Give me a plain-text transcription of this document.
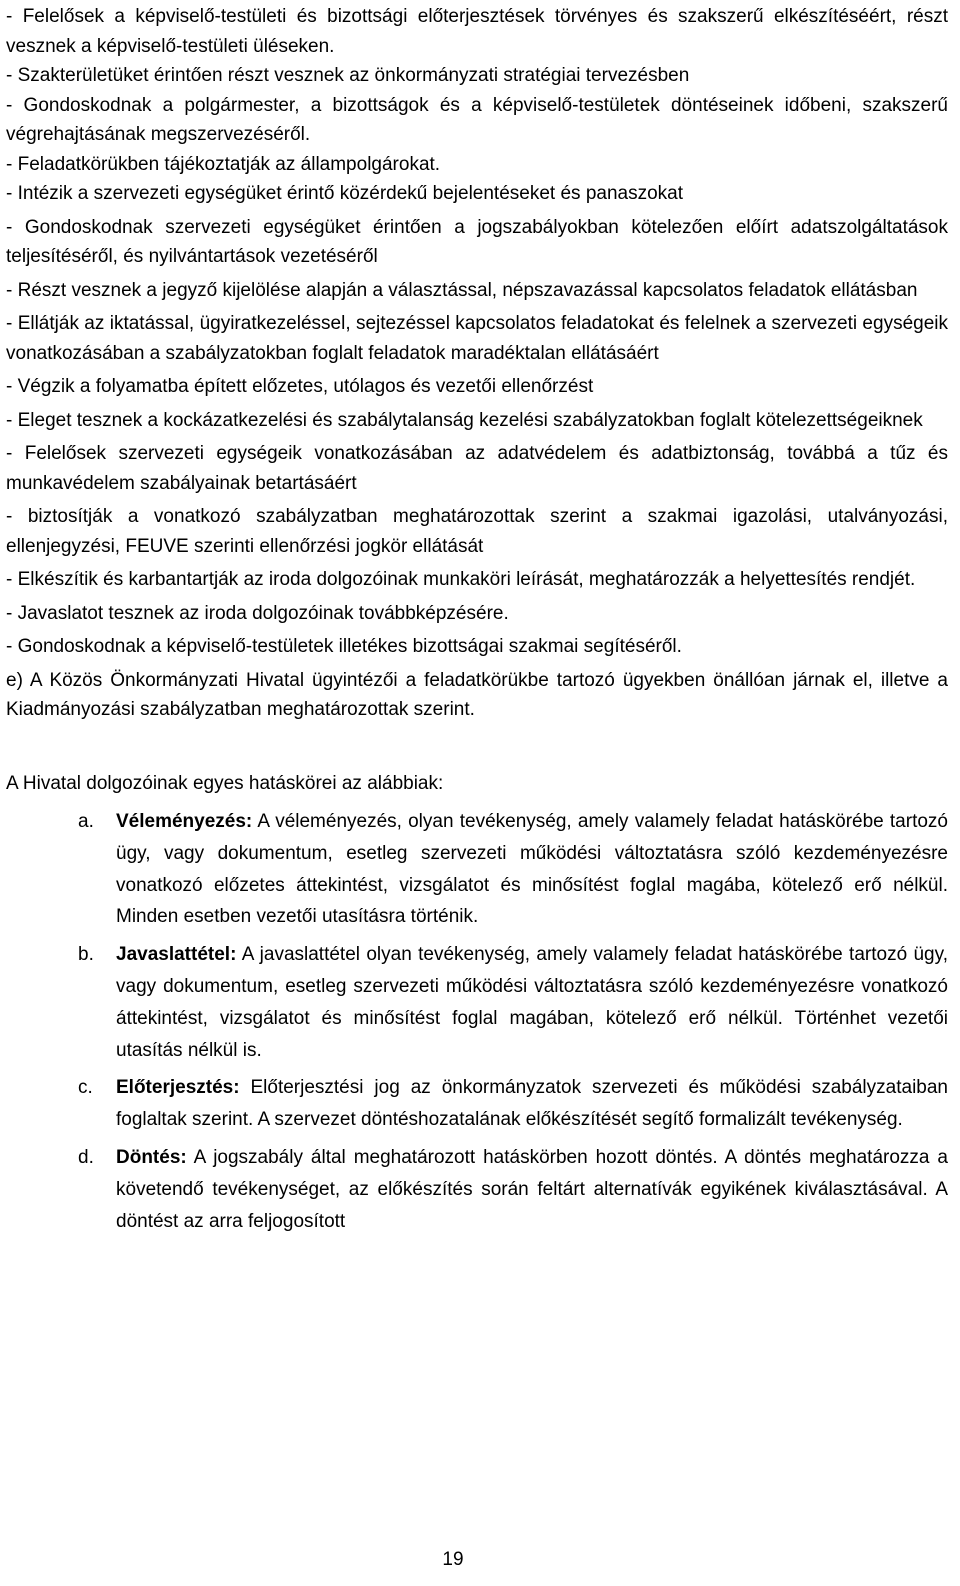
- Felelősek a képviselő-testületi és bizottsági előterjesztések törvényes és szakszerű elkészítéséért, részt vesznek a képviselő-testületi üléseken.

- Szakterületüket érintően részt vesznek az önkormányzati stratégiai tervezésben

- Gondoskodnak a polgármester, a bizottságok és a képviselő-testületek döntéseinek időbeni, szakszerű végrehajtásának megszervezéséről.

- Feladatkörükben tájékoztatják az állampolgárokat.

- Intézik a szervezeti egységüket érintő közérdekű bejelentéseket és panaszokat

- Gondoskodnak szervezeti egységüket érintően a jogszabályokban kötelezően előírt adatszolgáltatások teljesítéséről, és nyilvántartások vezetéséről

- Részt vesznek a jegyző kijelölése alapján a választással, népszavazással kapcsolatos feladatok ellátásban

- Ellátják az iktatással, ügyiratkezeléssel, sejtezéssel kapcsolatos feladatokat és felelnek a szervezeti egységeik vonatkozásában a szabályzatokban foglalt feladatok maradéktalan ellátásáért

- Végzik a folyamatba épített előzetes, utólagos és vezetői ellenőrzést

- Eleget tesznek a kockázatkezelési és szabálytalanság kezelési szabályzatokban foglalt kötelezettségeiknek

- Felelősek szervezeti egységeik vonatkozásában az adatvédelem és adatbiztonság, továbbá a tűz és munkavédelem szabályainak betartásáért

- biztosítják a vonatkozó szabályzatban meghatározottak szerint a szakmai igazolási, utalványozási, ellenjegyzési, FEUVE szerinti ellenőrzési jogkör ellátását

- Elkészítik és karbantartják az iroda dolgozóinak munkaköri leírását, meghatározzák a helyettesítés rendjét.

- Javaslatot tesznek az iroda dolgozóinak továbbképzésére.

- Gondoskodnak a képviselő-testületek illetékes bizottságai szakmai segítéséről.

e) A Közös Önkormányzati Hivatal ügyintézői a feladatkörükbe tartozó ügyekben önállóan járnak el, illetve a Kiadmányozási szabályzatban meghatározottak szerint.

A Hivatal dolgozóinak egyes hatáskörei az alábbiak:

a.	Véleményezés: A véleményezés, olyan tevékenység, amely valamely feladat hatáskörébe tartozó ügy, vagy dokumentum, esetleg szervezeti működési változtatásra szóló kezdeményezésre vonatkozó előzetes áttekintést, vizsgálatot és minősítést foglal magába, kötelező erő nélkül. Minden esetben vezetői utasításra történik.
b.	Javaslattétel: A javaslattétel olyan tevékenység, amely valamely feladat hatáskörébe tartozó ügy, vagy dokumentum, esetleg szervezeti működési változtatásra szóló kezdeményezésre vonatkozó áttekintést, vizsgálatot és minősítést foglal magában, kötelező erő nélkül. Történhet vezetői utasítás nélkül is.
c.	Előterjesztés: Előterjesztési jog az önkormányzatok szervezeti és működési szabályzataiban foglaltak szerint. A szervezet döntéshozatalának előkészítését segítő formalizált tevékenység.
d.	Döntés: A jogszabály által meghatározott hatáskörben hozott döntés. A döntés meghatározza a követendő tevékenységet, az előkészítés során feltárt alternatívák egyikének kiválasztásával. A döntést az arra feljogosított
19
